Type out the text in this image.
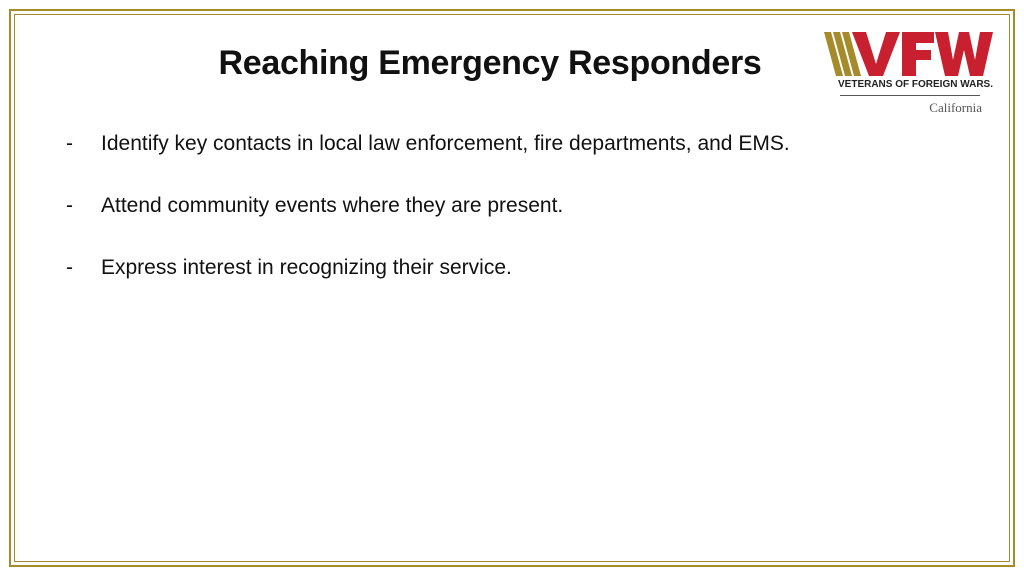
Reaching Emergency Responders
-	Identify key contacts in local law enforcement, fire departments, and EMS.
-	Attend community events where they are present.
-	Express interest in recognizing their service.
VETERANS OF FOREIGN WARS.
California
